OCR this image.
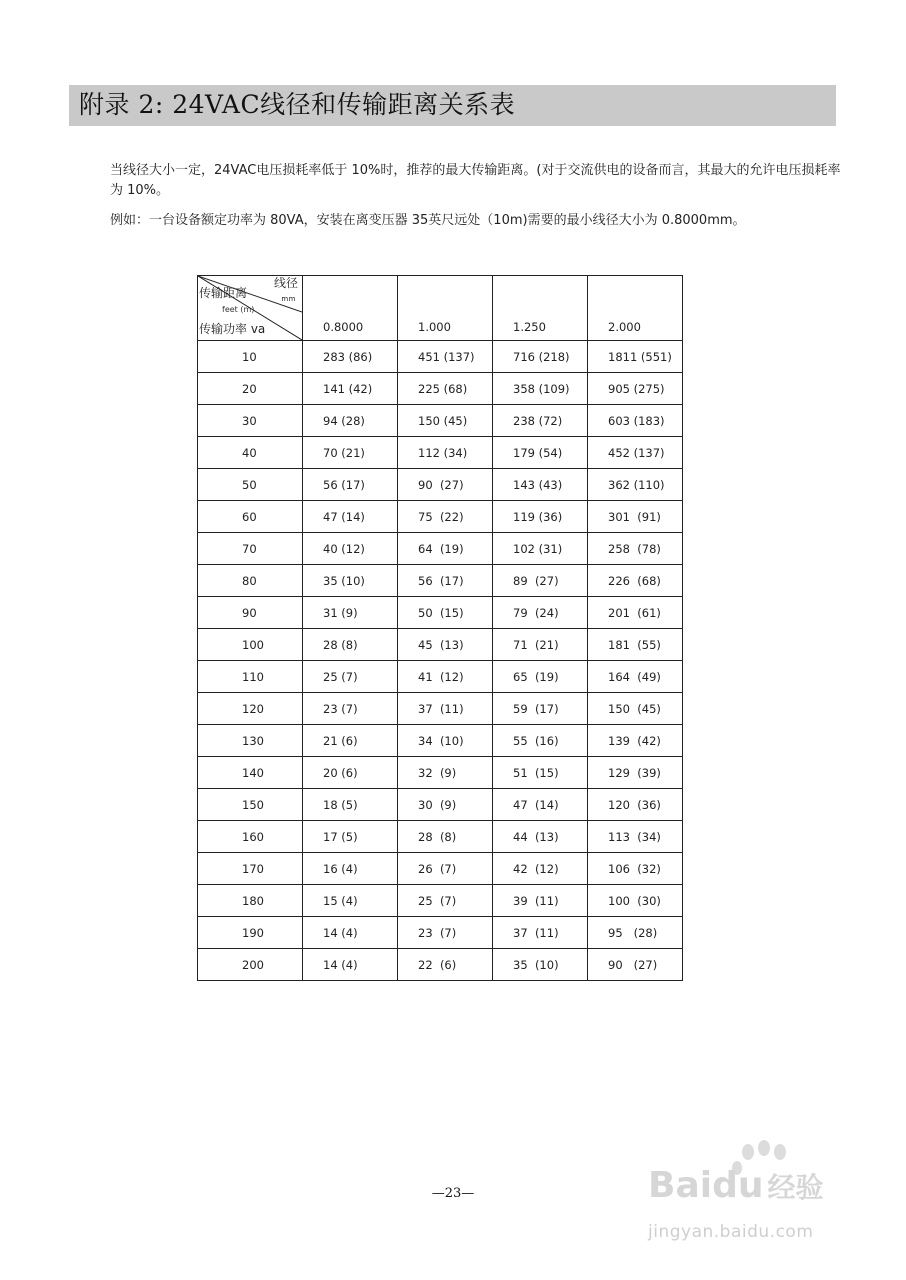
附录 2: 24VAC线径和传输距离关系表
当线径大小一定，24VAC电压损耗率低于 10%时，推荐的最大传输距离。(对于交流供电的设备而言，其最大的允许电压损耗率为 10%。
例如：一台设备额定功率为 80VA，安装在离变压器 35英尺远处（10m)需要的最小线径大小为 0.8000mm。
线径
mm
传输距离
feet (m)
传输功率 va	0.8000	1.000	1.250	2.000
10	283 (86)	451 (137)	716 (218)	1811 (551)
20	141 (42)	225 (68)	358 (109)	905 (275)
30	94 (28)	150 (45)	238 (72)	603 (183)
40	70 (21)	112 (34)	179 (54)	452 (137)
50	56 (17)	90  (27)	143 (43)	362 (110)
60	47 (14)	75  (22)	119 (36)	301  (91)
70	40 (12)	64  (19)	102 (31)	258  (78)
80	35 (10)	56  (17)	89  (27)	226  (68)
90	31 (9)	50  (15)	79  (24)	201  (61)
100	28 (8)	45  (13)	71  (21)	181  (55)
110	25 (7)	41  (12)	65  (19)	164  (49)
120	23 (7)	37  (11)	59  (17)	150  (45)
130	21 (6)	34  (10)	55  (16)	139  (42)
140	20 (6)	32  (9)	51  (15)	129  (39)
150	18 (5)	30  (9)	47  (14)	120  (36)
160	17 (5)	28  (8)	44  (13)	113  (34)
170	16 (4)	26  (7)	42  (12)	106  (32)
180	15 (4)	25  (7)	39  (11)	100  (30)
190	14 (4)	23  (7)	37  (11)	95   (28)
200	14 (4)	22  (6)	35  (10)	90   (27)
—23—	Baidu 经验
jingyan.baidu.com
